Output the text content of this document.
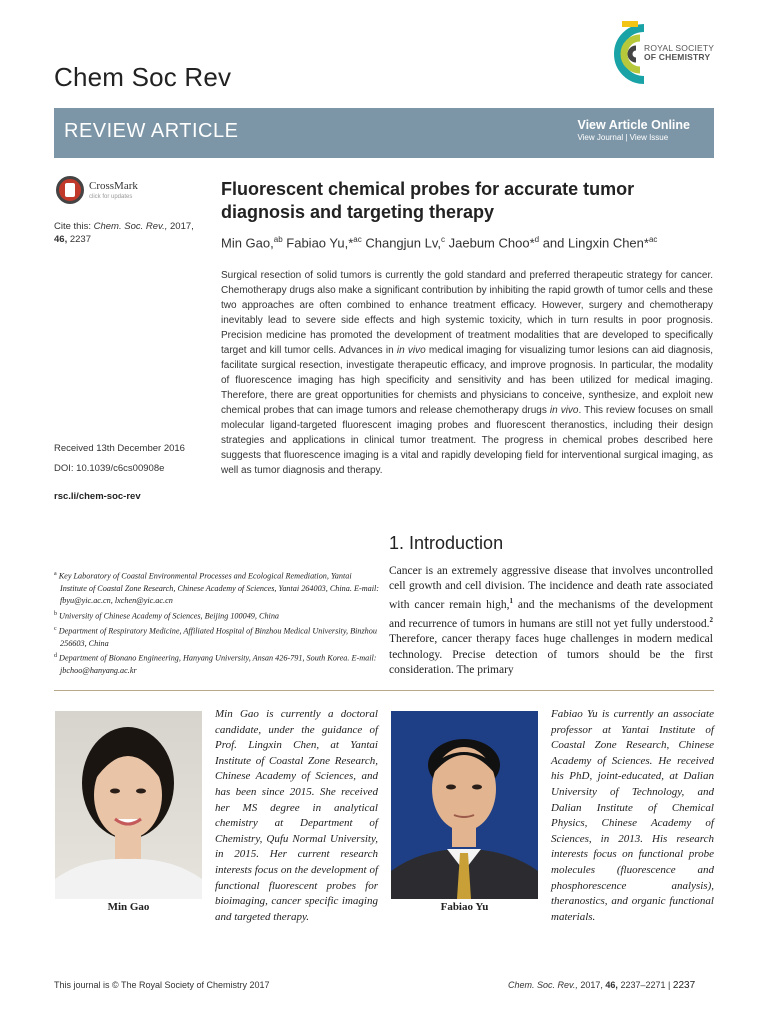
ROYAL SOCIETY
OF CHEMISTRY
Chem Soc Rev
REVIEW ARTICLE	View Article Online
View Journal | View Issue
CrossMark
click for updates
Cite this: Chem. Soc. Rev., 2017,
46, 2237
Received 13th December 2016
DOI: 10.1039/c6cs00908e
rsc.li/chem-soc-rev
Fluorescent chemical probes for accurate tumor diagnosis and targeting therapy
Min Gao,$^{ab}$ Fabiao Yu,*$^{ac}$ Changjun Lv,$^c$ Jaebum Choo*$^d$ and Lingxin Chen*$^{ac}$
Surgical resection of solid tumors is currently the gold standard and preferred therapeutic strategy for cancer. Chemotherapy drugs also make a significant contribution by inhibiting the rapid growth of tumor cells and these two approaches are often combined to enhance treatment efficacy. However, surgery and chemotherapy inevitably lead to severe side effects and high systemic toxicity, which in turn results in poor prognosis. Precision medicine has promoted the development of treatment modalities that are developed to specifically target and kill tumor cells. Advances in in vivo medical imaging for visualizing tumor lesions can aid diagnosis, facilitate surgical resection, investigate therapeutic efficacy, and improve prognosis. In particular, the modality of fluorescence imaging has high specificity and sensitivity and has been utilized for medical imaging. Therefore, there are great opportunities for chemists and physicians to conceive, synthesize, and exploit new chemical probes that can image tumors and release chemotherapy drugs in vivo. This review focuses on small molecular ligand-targeted fluorescent imaging probes and fluorescent theranostics, including their design strategies and applications in clinical tumor treatment. The progress in chemical probes described here suggests that fluorescence imaging is a vital and rapidly developing field for interventional surgical imaging, as well as tumor diagnosis and therapy.
1. Introduction
Cancer is an extremely aggressive disease that involves uncontrolled cell growth and cell division. The incidence and death rate associated with cancer remain high,$^1$ and the mechanisms of the development and recurrence of tumors in humans are still not yet fully understood.$^2$ Therefore, cancer therapy faces huge challenges in modern medical technology. Precise detection of tumors should be the first consideration. The primary
$^a$ Key Laboratory of Coastal Environmental Processes and Ecological Remediation, Yantai Institute of Coastal Zone Research, Chinese Academy of Sciences, Yantai 264003, China. E-mail: fbyu@yic.ac.cn, lxchen@yic.ac.cn
$^b$ University of Chinese Academy of Sciences, Beijing 100049, China
$^c$ Department of Respiratory Medicine, Affiliated Hospital of Binzhou Medical University, Binzhou 256603, China
$^d$ Department of Bionano Engineering, Hanyang University, Ansan 426-791, South Korea. E-mail: jbchoo@hanyang.ac.kr
Min Gao is currently a doctoral candidate, under the guidance of Prof. Lingxin Chen, at Yantai Institute of Coastal Zone Research, Chinese Academy of Sciences, and has been since 2015. She received her MS degree in analytical chemistry at Department of Chemistry, Qufu Normal University, in 2015. Her current research interests focus on the development of functional fluorescent probes for bioimaging, cancer specific imaging and targeted therapy.
Fabiao Yu is currently an associate professor at Yantai Institute of Coastal Zone Research, Chinese Academy of Sciences. He received his PhD, joint-educated, at Dalian University of Technology, and Dalian Institute of Chemical Physics, Chinese Academy of Sciences, in 2013. His research interests focus on functional probe molecules (fluorescence and phosphorescence analysis), theranostics, and organic functional materials.
Min Gao	Fabiao Yu
This journal is © The Royal Society of Chemistry 2017	Chem. Soc. Rev., 2017, 46, 2237–2271 | 2237
